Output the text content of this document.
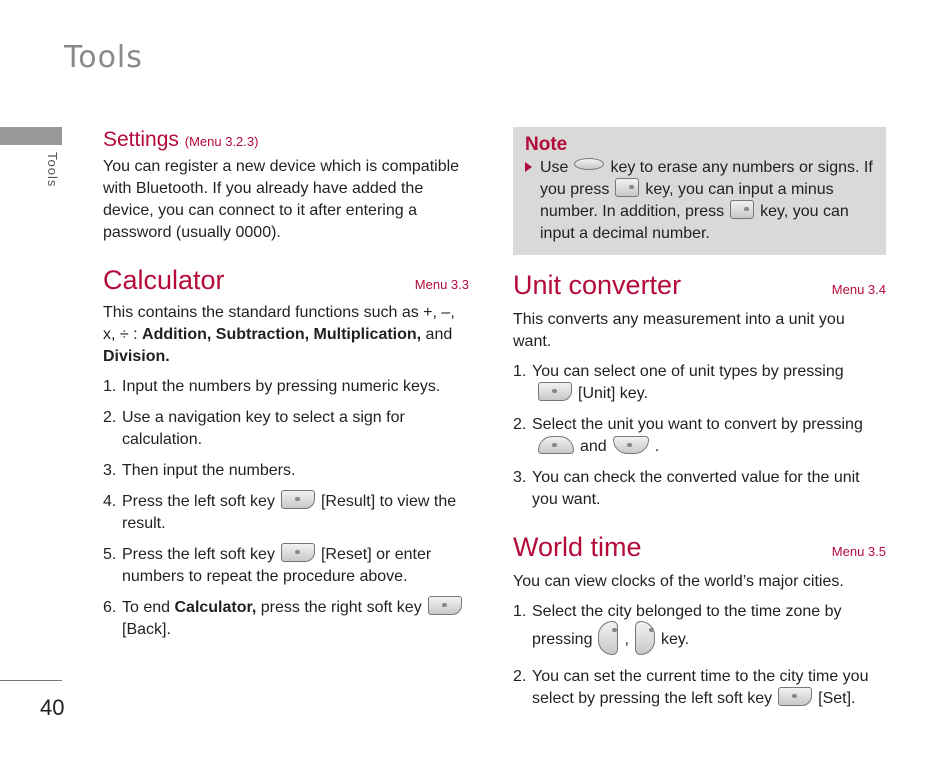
Tools
Tools
40
Settings (Menu 3.2.3)

You can register a new device which is compatible with Bluetooth. If you already have added the device, you can connect to it after entering a password (usually 0000).

Calculator	Menu 3.3

This contains the standard functions such as +, –, x, ÷ : Addition, Subtraction, Multiplication, and Division.

1. Input the numbers by pressing numeric keys.
2. Use a navigation key to select a sign for calculation.
3. Then input the numbers.
4. Press the left soft key	[Result] to view the result.
5. Press the left soft key	[Reset] or enter numbers to repeat the procedure above.
6. To end Calculator, press the right soft key[Back].
Note
Use	key to erase any numbers or signs. If you press key, you can input a minus number. In addition, press key, you can input a decimal number.
Unit converter	Menu 3.4

This converts any measurement into a unit you want.

1. You can select one of unit types by pressing[Unit] key.
2. Select the unit you want to convert by pressing
and	.
3. You can check the converted value for the unit you want.
World time	Menu 3.5

You can view clocks of the world’s major cities.

1. Select the city belonged to the time zone by pressing , key.
2. You can set the current time to the city time you select by pressing the left soft key	[Set].
